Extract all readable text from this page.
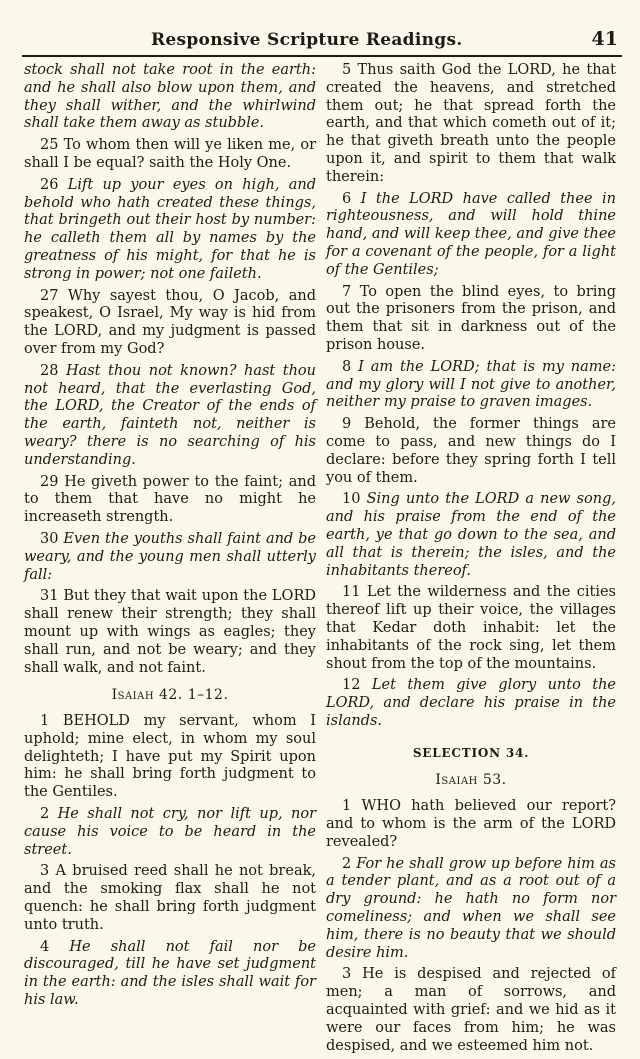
Responsive Scripture Readings.	41

stock shall not take root in the earth: and he shall also blow upon them, and they shall wither, and the whirlwind shall take them away as stubble.

25 To whom then will ye liken me, or shall I be equal? saith the Holy One.

26 Lift up your eyes on high, and behold who hath created these things, that bringeth out their host by number: he calleth them all by names by the greatness of his might, for that he is strong in power; not one faileth.

27 Why sayest thou, O Jacob, and speakest, O Israel, My way is hid from the LORD, and my judgment is passed over from my God?

28 Hast thou not known? hast thou not heard, that the everlasting God, the LORD, the Creator of the ends of the earth, fainteth not, neither is weary? there is no searching of his understanding.

29 He giveth power to the faint; and to them that have no might he increaseth strength.

30 Even the youths shall faint and be weary, and the young men shall utterly fall:

31 But they that wait upon the LORD shall renew their strength; they shall mount up with wings as eagles; they shall run, and not be weary; and they shall walk, and not faint.

Isaiah 42. 1–12.

1 BEHOLD my servant, whom I uphold; mine elect, in whom my soul delighteth; I have put my Spirit upon him: he shall bring forth judgment to the Gentiles.

2 He shall not cry, nor lift up, nor cause his voice to be heard in the street.

3 A bruised reed shall he not break, and the smoking flax shall he not quench: he shall bring forth judgment unto truth.

4 He shall not fail nor be discouraged, till he have set judgment in the earth: and the isles shall wait for his law.

5 Thus saith God the LORD, he that created the heavens, and stretched them out; he that spread forth the earth, and that which cometh out of it; he that giveth breath unto the people upon it, and spirit to them that walk therein:

6 I the LORD have called thee in righteousness, and will hold thine hand, and will keep thee, and give thee for a covenant of the people, for a light of the Gentiles;

7 To open the blind eyes, to bring out the prisoners from the prison, and them that sit in darkness out of the prison house.

8 I am the LORD; that is my name: and my glory will I not give to another, neither my praise to graven images.

9 Behold, the former things are come to pass, and new things do I declare: before they spring forth I tell you of them.

10 Sing unto the LORD a new song, and his praise from the end of the earth, ye that go down to the sea, and all that is therein; the isles, and the inhabitants thereof.

11 Let the wilderness and the cities thereof lift up their voice, the villages that Kedar doth inhabit: let the inhabitants of the rock sing, let them shout from the top of the mountains.

12 Let them give glory unto the LORD, and declare his praise in the islands.

SELECTION 34.
Isaiah 53.

1 WHO hath believed our report? and to whom is the arm of the LORD revealed?

2 For he shall grow up before him as a tender plant, and as a root out of a dry ground: he hath no form nor comeliness; and when we shall see him, there is no beauty that we should desire him.

3 He is despised and rejected of men; a man of sorrows, and acquainted with grief: and we hid as it were our faces from him; he was despised, and we esteemed him not.
